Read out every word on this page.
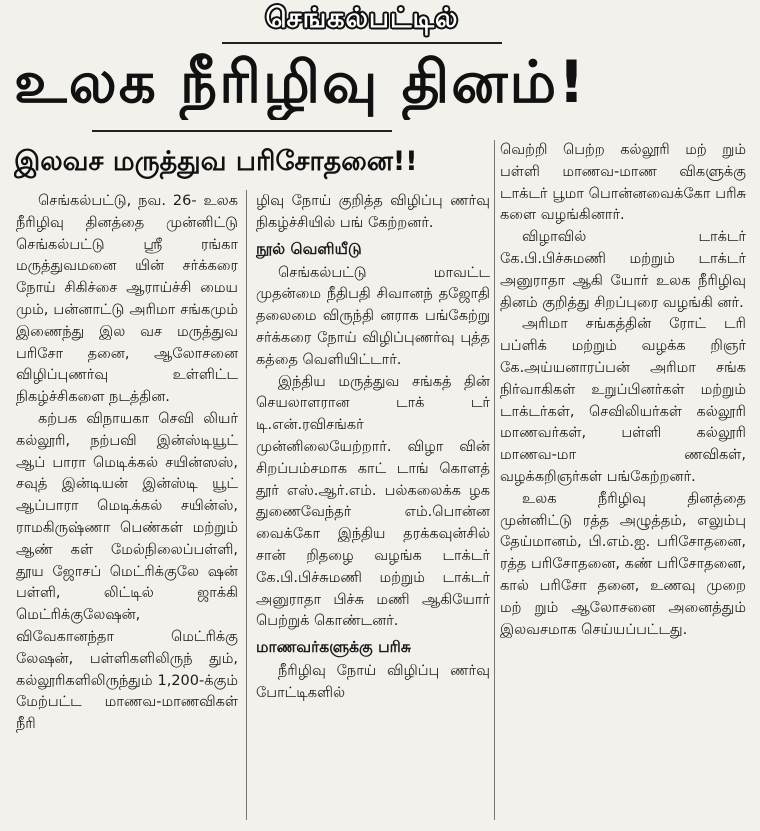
செங்கல்பட்டில்
உலக நீரிழிவு தினம்!
இலவச மருத்துவ பரிசோதனை!!

செங்கல்பட்டு, நவ. 26- உலக நீரிழிவு தினத்தை முன்னிட்டு செங்கல்பட்டு ஸ்ரீ ரங்கா மருத்துவமனை யின் சர்க்கரை நோய் சிகிச்சை ஆராய்ச்சி மைய மும், பன்னாட்டு அரிமா சங்கமும் இணைந்து இல வச மருத்துவ பரிசோ தனை, ஆலோசனை விழிப்புணர்வு உள்ளிட்ட நிகழ்ச்சிகளை நடத்தின.

கற்பக விநாயகா செவி லியர் கல்லூரி, நற்பவி இன்ஸ்டியூட் ஆப் பாரா மெடிக்கல் சயின்ஸஸ், சவுத் இன்டியன் இன்ஸ்டி யூட் ஆப்பாரா மெடிக்கல் சயின்ஸ், ராமகிருஷ்ணா பெண்கள் மற்றும் ஆண் கள் மேல்நிலைப்பள்ளி, தூய ஜோசப் மெட்ரிக்குலே ஷன் பள்ளி, லிட்டில் ஜாக்கி மெட்ரிக்குலேஷன், விவேகானந்தா மெட்ரிக்கு லேஷன், பள்ளிகளிலிருந் தும், கல்லூரிகளிலிருந்தும் 1,200-க்கும் மேற்பட்ட மாணவ-மாணவிகள் நீரி

ழிவு நோய் குறித்த விழிப்பு ணர்வு நிகழ்ச்சியில் பங் கேற்றனர்.

நூல் வெளியீடு

செங்கல்பட்டு மாவட்ட முதன்மை நீதிபதி சிவானந் தஜோதி தலைமை விருந்தி னராக பங்கேற்று சர்க்கரை நோய் விழிப்புணர்வு புத்த கத்தை வெளியிட்டார்.

இந்திய மருத்துவ சங்கத் தின் செயலாளரான டாக் டர் டி.என்.ரவிசங்கர் முன்னிலையேற்றார். விழா வின் சிறப்பம்சமாக காட் டாங் கொளத் தூர் எஸ்.ஆர்.எம். பல்கலைக்க ழக துணைவேந்தர் எம்.பொன்ன வைக்கோ இந்திய தரக்கவுன்சில் சான் றிதழை வழங்க டாக்டர் கே.பி.பிச்சுமணி மற்றும் டாக்டர் அனுராதா பிச்சு மணி ஆகியோர் பெற்றுக் கொண்டனர்.

மாணவர்களுக்கு பரிசு

நீரிழிவு நோய் விழிப்பு ணர்வு போட்டிகளில்

வெற்றி பெற்ற கல்லூரி மற் றும் பள்ளி மாணவ-மாண விகளுக்கு டாக்டர் பூமா பொன்னவைக்கோ பரிசு களை வழங்கினார்.

விழாவில் டாக்டர் கே.பி.பிச்சுமணி மற்றும் டாக்டர் அனுராதா ஆகி யோர் உலக நீரிழிவு தினம் குறித்து சிறப்புரை வழங்கி னர்.

அரிமா சங்கத்தின் ரோட் டரி பப்ளிக் மற்றும் வழக்க றிஞர் கே.அய்யனாரப்பன் அரிமா சங்க நிர்வாகிகள் உறுப்பினர்கள் மற்றும் டாக்டர்கள், செவிலியர்கள் கல்லூரி மாணவர்கள், பள்ளி கல்லூரி மாணவ-மா ணவிகள், வழக்கறிஞர்கள் பங்கேற்றனர்.

உலக நீரிழிவு தினத்தை முன்னிட்டு ரத்த அழுத்தம், எலும்பு தேய்மானம், பி.எம்.ஐ. பரிசோதனை, ரத்த பரிசோதனை, கண் பரிசோதனை, கால் பரிசோ தனை, உணவு முறை மற் றும் ஆலோசனை அனைத்தும் இலவசமாக செய்யப்பட்டது.
